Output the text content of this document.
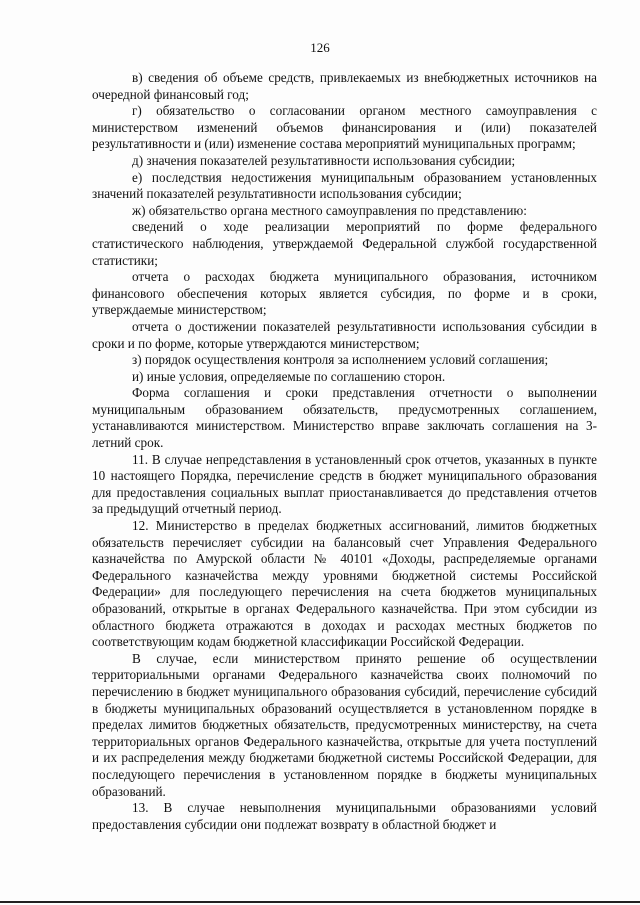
126

в) сведения об объеме средств, привлекаемых из внебюджетных источников на очередной финансовый год;

г) обязательство о согласовании органом местного самоуправления с министерством изменений объемов финансирования и (или) показателей результативности и (или) изменение состава мероприятий муниципальных программ;

д) значения показателей результативности использования субсидии;

е) последствия недостижения муниципальным образованием установленных значений показателей результативности использования субсидии;

ж) обязательство органа местного самоуправления по представлению:

сведений о ходе реализации мероприятий по форме федерального статистического наблюдения, утверждаемой Федеральной службой государственной статистики;

отчета о расходах бюджета муниципального образования, источником финансового обеспечения которых является субсидия, по форме и в сроки, утверждаемые министерством;

отчета о достижении показателей результативности использования субсидии в сроки и по форме, которые утверждаются министерством;

з) порядок осуществления контроля за исполнением условий соглашения;

и) иные условия, определяемые по соглашению сторон.

Форма соглашения и сроки представления отчетности о выполнении муниципальным образованием обязательств, предусмотренных соглашением, устанавливаются министерством. Министерство вправе заключать соглашения на 3-летний срок.

11. В случае непредставления в установленный срок отчетов, указанных в пункте 10 настоящего Порядка, перечисление средств в бюджет муниципального образования для предоставления социальных выплат приостанавливается до представления отчетов за предыдущий отчетный период.

12. Министерство в пределах бюджетных ассигнований, лимитов бюджетных обязательств перечисляет субсидии на балансовый счет Управления Федерального казначейства по Амурской области № 40101 «Доходы, распределяемые органами Федерального казначейства между уровнями бюджетной системы Российской Федерации» для последующего перечисления на счета бюджетов муниципальных образований, открытые в органах Федерального казначейства. При этом субсидии из областного бюджета отражаются в доходах и расходах местных бюджетов по соответствующим кодам бюджетной классификации Российской Федерации.

В случае, если министерством принято решение об осуществлении территориальными органами Федерального казначейства своих полномочий по перечислению в бюджет муниципального образования субсидий, перечисление субсидий в бюджеты муниципальных образований осуществляется в установленном порядке в пределах лимитов бюджетных обязательств, предусмотренных министерству, на счета территориальных органов Федерального казначейства, открытые для учета поступлений и их распределения между бюджетами бюджетной системы Российской Федерации, для последующего перечисления в установленном порядке в бюджеты муниципальных образований.

13. В случае невыполнения муниципальными образованиями условий предоставления субсидии они подлежат возврату в областной бюджет и
